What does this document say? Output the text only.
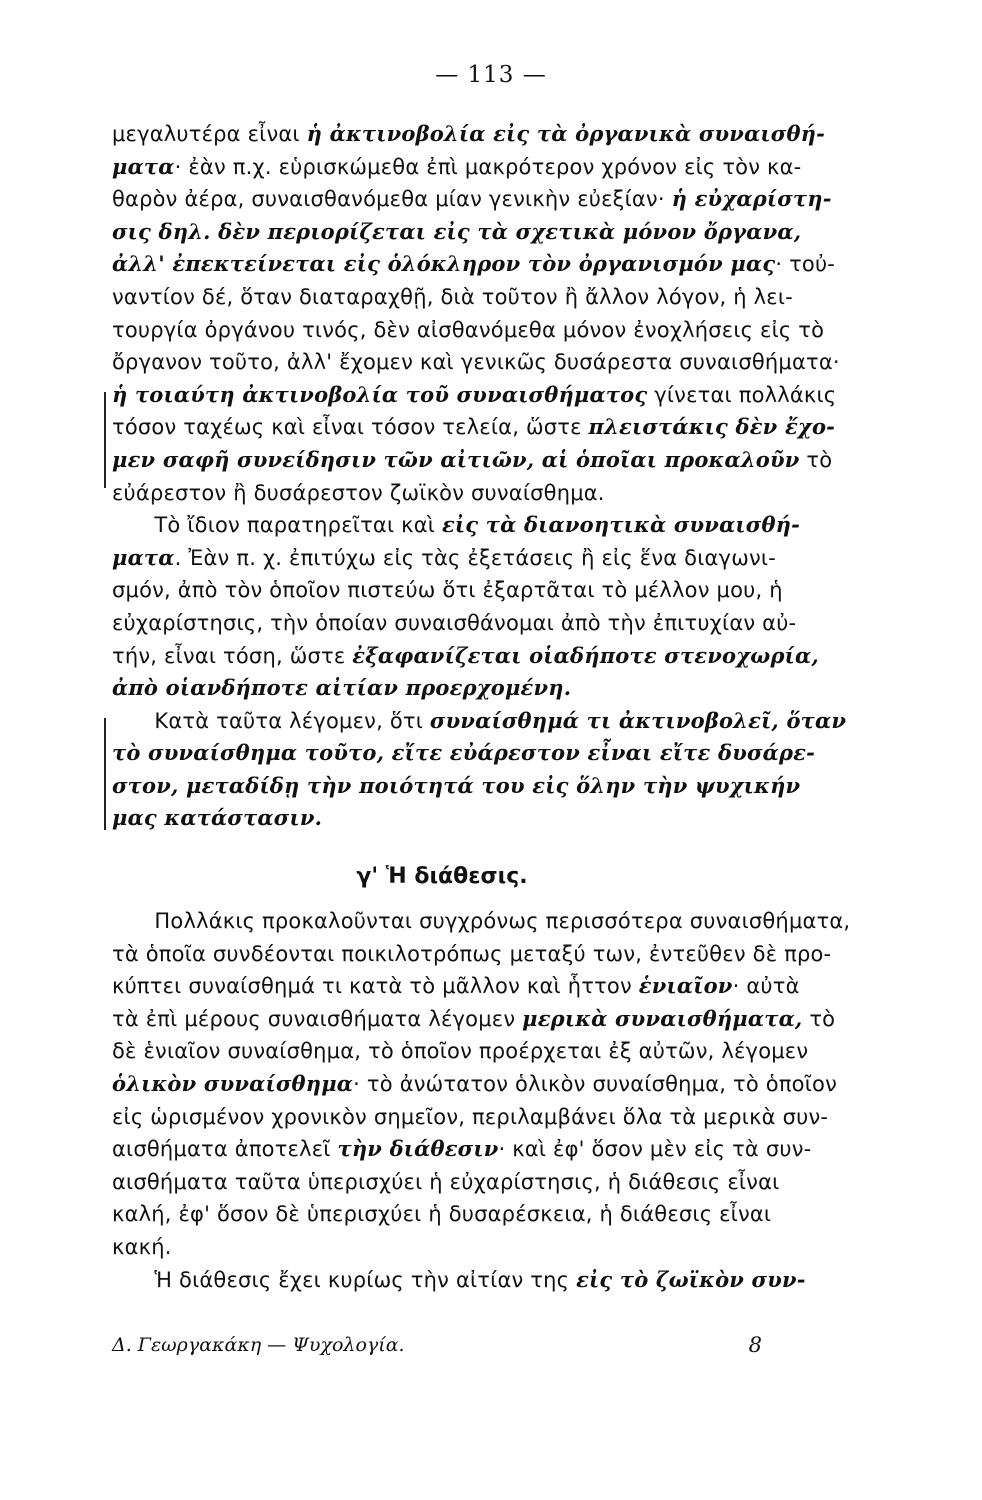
— 113 —
μεγαλυτέρα εἶναι ἡ ἀκτινοβολία εἰς τὰ ὀργανικὰ συναισθή-
ματα· ἐὰν π.χ. εὑρισκώμεθα ἐπὶ μακρότερον χρόνον εἰς τὸν κα-
θαρὸν ἀέρα, συναισθανόμεθα μίαν γενικὴν εὐεξίαν· ἡ εὐχαρίστη-
σις δηλ. δὲν περιορίζεται εἰς τὰ σχετικὰ μόνον ὄργανα,
ἀλλ' ἐπεκτείνεται εἰς ὁλόκληρον τὸν ὀργανισμόν μας· τοὐ-
ναντίον δέ, ὅταν διαταραχθῇ, διὰ τοῦτον ἢ ἄλλον λόγον, ἡ λει-
τουργία ὀργάνου τινός, δὲν αἰσθανόμεθα μόνον ἐνοχλήσεις εἰς τὸ
ὄργανον τοῦτο, ἀλλ' ἔχομεν καὶ γενικῶς δυσάρεστα συναισθήματα·
ἡ τοιαύτη ἀκτινοβολία τοῦ συναισθήματος γίνεται πολλάκις
τόσον ταχέως καὶ εἶναι τόσον τελεία, ὥστε πλειστάκις δὲν ἔχο-
μεν σαφῆ συνείδησιν τῶν αἰτιῶν, αἱ ὁποῖαι προκαλοῦν τὸ
εὐάρεστον ἢ δυσάρεστον ζωϊκὸν συναίσθημα.
  Τὸ ἴδιον παρατηρεῖται καὶ εἰς τὰ διανοητικὰ συναισθή-
ματα. Ἐὰν π. χ. ἐπιτύχω εἰς τὰς ἐξετάσεις ἢ εἰς ἕνα διαγωνι-
σμόν, ἀπὸ τὸν ὁποῖον πιστεύω ὅτι ἐξαρτᾶται τὸ μέλλον μου, ἡ
εὐχαρίστησις, τὴν ὁποίαν συναισθάνομαι ἀπὸ τὴν ἐπιτυχίαν αὐ-
τήν, εἶναι τόση, ὥστε ἐξαφανίζεται οἱαδήποτε στενοχωρία,
ἀπὸ οἱανδήποτε αἰτίαν προερχομένη.
  Κατὰ ταῦτα λέγομεν, ὅτι συναίσθημά τι ἀκτινοβολεῖ, ὅταν
τὸ συναίσθημα τοῦτο, εἴτε εὐάρεστον εἶναι εἴτε δυσάρε-
στον, μεταδίδῃ τὴν ποιότητά του εἰς ὅλην τὴν ψυχικήν
μας κατάστασιν.
γ' Ἡ διάθεσις.
  Πολλάκις προκαλοῦνται συγχρόνως περισσότερα συναισθήματα,
τὰ ὁποῖα συνδέονται ποικιλοτρόπως μεταξύ των, ἐντεῦθεν δὲ προ-
κύπτει συναίσθημά τι κατὰ τὸ μᾶλλον καὶ ἧττον ἑνιαῖον· αὐτὰ
τὰ ἐπὶ μέρους συναισθήματα λέγομεν μερικὰ συναισθήματα, τὸ
δὲ ἑνιαῖον συναίσθημα, τὸ ὁποῖον προέρχεται ἐξ αὐτῶν, λέγομεν
ὁλικὸν συναίσθημα· τὸ ἀνώτατον ὁλικὸν συναίσθημα, τὸ ὁποῖον
εἰς ὡρισμένον χρονικὸν σημεῖον, περιλαμβάνει ὅλα τὰ μερικὰ συν-
αισθήματα ἀποτελεῖ τὴν διάθεσιν· καὶ ἐφ' ὅσον μὲν εἰς τὰ συν-
αισθήματα ταῦτα ὑπερισχύει ἡ εὐχαρίστησις, ἡ διάθεσις εἶναι
καλή, ἐφ' ὅσον δὲ ὑπερισχύει ἡ δυσαρέσκεια, ἡ διάθεσις εἶναι
κακή.
  Ἡ διάθεσις ἔχει κυρίως τὴν αἰτίαν της εἰς τὸ ζωϊκὸν συν-
Δ. Γεωργακάκη — Ψυχολογία.	8
